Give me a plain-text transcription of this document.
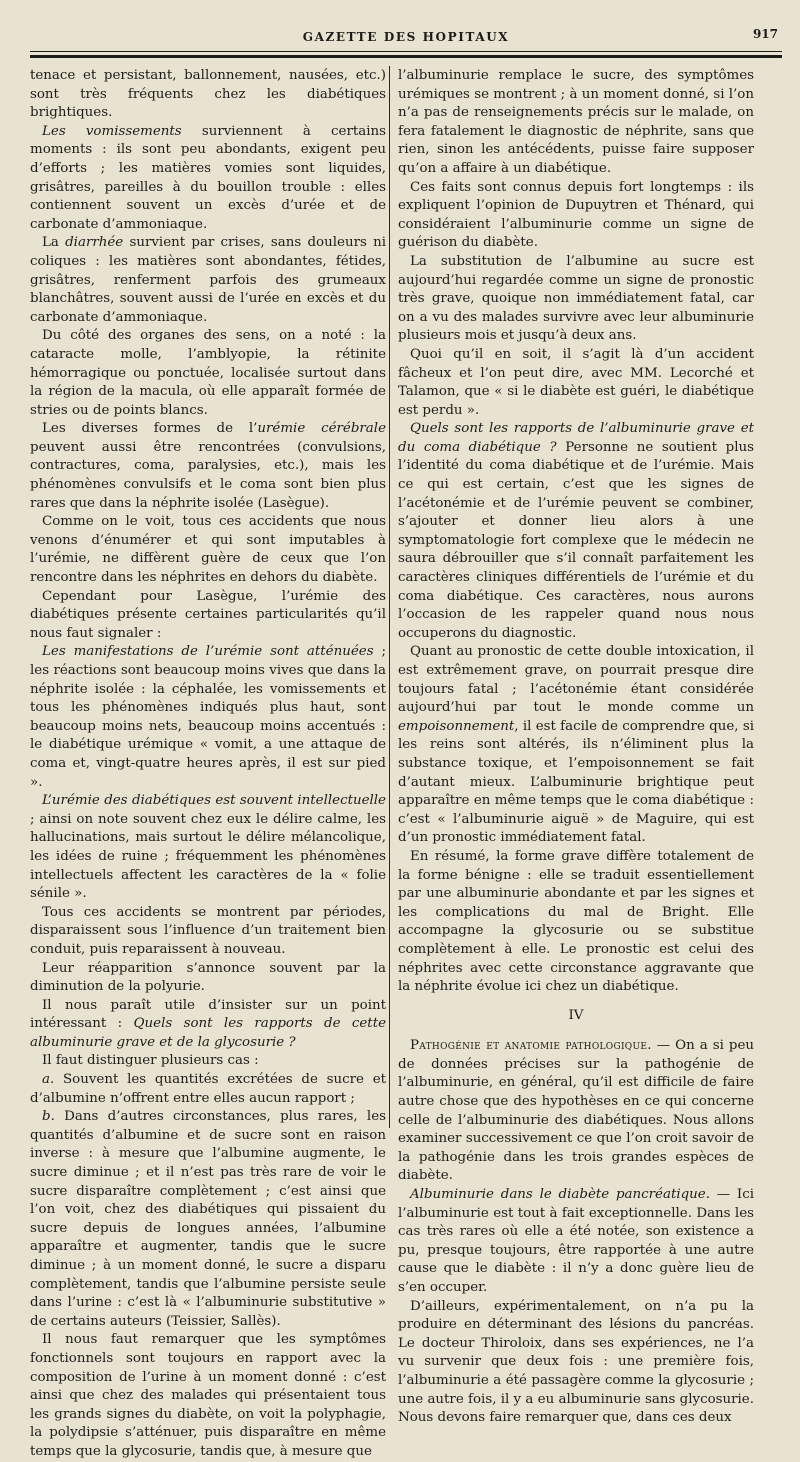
GAZETTE DES HOPITAUX	917

tenace et persistant, ballonnement, nausées, etc.) sont très fréquents chez les diabétiques brightiques.

Les vomissements surviennent à certains moments : ils sont peu abondants, exigent peu d’efforts ; les matières vomies sont liquides, grisâtres, pareilles à du bouillon trouble : elles contiennent souvent un excès d’urée et de carbonate d’ammoniaque.

La diarrhée survient par crises, sans douleurs ni coliques : les matières sont abondantes, fétides, grisâtres, renferment parfois des grumeaux blanchâtres, souvent aussi de l’urée en excès et du carbonate d’ammoniaque.

Du côté des organes des sens, on a noté : la cataracte molle, l’amblyopie, la rétinite hémorragique ou ponctuée, localisée surtout dans la région de la macula, où elle apparaît formée de stries ou de points blancs.

Les diverses formes de l’urémie cérébrale peuvent aussi être rencontrées (convulsions, contractures, coma, paralysies, etc.), mais les phénomènes convulsifs et le coma sont bien plus rares que dans la néphrite isolée (Lasègue).

Comme on le voit, tous ces accidents que nous venons d’énumérer et qui sont imputables à l’urémie, ne diffèrent guère de ceux que l’on rencontre dans les néphrites en dehors du diabète.

Cependant pour Lasègue, l’urémie des diabétiques présente certaines particularités qu’il nous faut signaler :

Les manifestations de l’urémie sont atténuées ; les réactions sont beaucoup moins vives que dans la néphrite isolée : la céphalée, les vomissements et tous les phénomènes indiqués plus haut, sont beaucoup moins nets, beaucoup moins accentués : le diabétique urémique « vomit, a une attaque de coma et, vingt-quatre heures après, il est sur pied ».

L’urémie des diabétiques est souvent intellectuelle ; ainsi on note souvent chez eux le délire calme, les hallucinations, mais surtout le délire mélancolique, les idées de ruine ; fréquemment les phénomènes intellectuels affectent les caractères de la « folie sénile ».

Tous ces accidents se montrent par périodes, disparaissent sous l’influence d’un traitement bien conduit, puis reparaissent à nouveau.

Leur réapparition s’annonce souvent par la diminution de la polyurie.

Il nous paraît utile d’insister sur un point intéressant : Quels sont les rapports de cette albuminurie grave et de la glycosurie ?

Il faut distinguer plusieurs cas :

a. Souvent les quantités excrétées de sucre et d’albumine n’offrent entre elles aucun rapport ;

b. Dans d’autres circonstances, plus rares, les quantités d’albumine et de sucre sont en raison inverse : à mesure que l’albumine augmente, le sucre diminue ; et il n’est pas très rare de voir le sucre disparaître complètement ; c’est ainsi que l’on voit, chez des diabétiques qui pissaient du sucre depuis de longues années, l’albumine apparaître et augmenter, tandis que le sucre diminue ; à un moment donné, le sucre a disparu complètement, tandis que l’albumine persiste seule dans l’urine : c’est là « l’albuminurie substitutive » de certains auteurs (Teissier, Sallès).

Il nous faut remarquer que les symptômes fonctionnels sont toujours en rapport avec la composition de l’urine à un moment donné : c’est ainsi que chez des malades qui présentaient tous les grands signes du diabète, on voit la polyphagie, la polydipsie s’atténuer, puis disparaître en même temps que la glycosurie, tandis que, à mesure que

l’albuminurie remplace le sucre, des symptômes urémiques se montrent ; à un moment donné, si l’on n’a pas de renseignements précis sur le malade, on fera fatalement le diagnostic de néphrite, sans que rien, sinon les antécédents, puisse faire supposer qu’on a affaire à un diabétique.

Ces faits sont connus depuis fort longtemps : ils expliquent l’opinion de Dupuytren et Thénard, qui considéraient l’albuminurie comme un signe de guérison du diabète.

La substitution de l’albumine au sucre est aujourd’hui regardée comme un signe de pronostic très grave, quoique non immédiatement fatal, car on a vu des malades survivre avec leur albuminurie plusieurs mois et jusqu’à deux ans.

Quoi qu’il en soit, il s’agit là d’un accident fâcheux et l’on peut dire, avec MM. Lecorché et Talamon, que « si le diabète est guéri, le diabétique est perdu ».

Quels sont les rapports de l’albuminurie grave et du coma diabétique ? Personne ne soutient plus l’identité du coma diabétique et de l’urémie. Mais ce qui est certain, c’est que les signes de l’acétonémie et de l’urémie peuvent se combiner, s’ajouter et donner lieu alors à une symptomatologie fort complexe que le médecin ne saura débrouiller que s’il connaît parfaitement les caractères cliniques différentiels de l’urémie et du coma diabétique. Ces caractères, nous aurons l’occasion de les rappeler quand nous nous occuperons du diagnostic.

Quant au pronostic de cette double intoxication, il est extrêmement grave, on pourrait presque dire toujours fatal ; l’acétonémie étant considérée aujourd’hui par tout le monde comme un empoisonnement, il est facile de comprendre que, si les reins sont altérés, ils n’éliminent plus la substance toxique, et l’empoisonnement se fait d’autant mieux. L’albuminurie brightique peut apparaître en même temps que le coma diabétique : c’est « l’albuminurie aiguë » de Maguire, qui est d’un pronostic immédiatement fatal.

En résumé, la forme grave diffère totalement de la forme bénigne : elle se traduit essentiellement par une albuminurie abondante et par les signes et les complications du mal de Bright. Elle accompagne la glycosurie ou se substitue complètement à elle. Le pronostic est celui des néphrites avec cette circonstance aggravante que la néphrite évolue ici chez un diabétique.

IV

Pathogénie et anatomie pathologique. — On a si peu de données précises sur la pathogénie de l’albuminurie, en général, qu’il est difficile de faire autre chose que des hypothèses en ce qui concerne celle de l’albuminurie des diabétiques. Nous allons examiner successivement ce que l’on croit savoir de la pathogénie dans les trois grandes espèces de diabète.

Albuminurie dans le diabète pancréatique. — Ici l’albuminurie est tout à fait exceptionnelle. Dans les cas très rares où elle a été notée, son existence a pu, presque toujours, être rapportée à une autre cause que le diabète : il n’y a donc guère lieu de s’en occuper.

D’ailleurs, expérimentalement, on n’a pu la produire en déterminant des lésions du pancréas. Le docteur Thiroloix, dans ses expériences, ne l’a vu survenir que deux fois : une première fois, l’albuminurie a été passagère comme la glycosurie ; une autre fois, il y a eu albuminurie sans glycosurie. Nous devons faire remarquer que, dans ces deux
